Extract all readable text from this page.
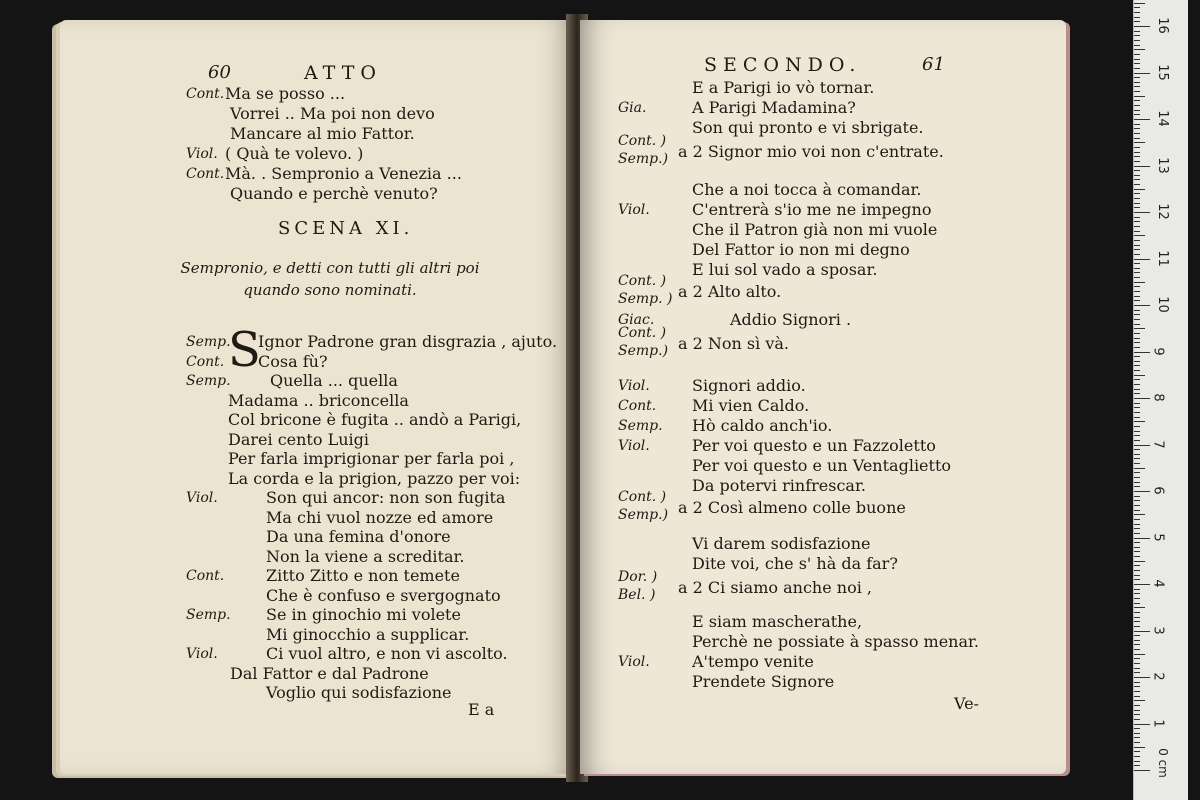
60	ATTO
Cont. Ma se posso ...
Vorrei .. Ma poi non devo
Mancare al mio Fattor.
Viol. ( Quà te volevo. )
Cont. Mà. . Sempronio a Venezia ...
Quando e perchè venuto?
SCENA XI.
Sempronio, e detti con tutti gli altri poi
quando sono nominati.
S
Semp. Ignor Padrone gran disgrazia , ajuto.
Cont. Cosa fù?
Semp. Quella ... quella
Madama .. briconcella
Col bricone è fugita .. andò a Parigi,
Darei cento Luigi
Per farla imprigionar per farla poi ,
La corda e la prigion, pazzo per voi:
Viol.	Son qui ancor: non son fugita
Ma chi vuol nozze ed amore
Da una femina d'onore
Non la viene a screditar.
Cont.	Zitto Zitto e non temete
Che è confuso e svergognato
Semp. Se in ginochio mi volete
Mi ginocchio a supplicar.
Viol.	Ci vuol altro, e non vi ascolto.
Dal Fattor e dal Padrone
Voglio qui sodisfazione
E a
SECONDO.	61
E a Parigi io vò tornar.
Gia.	A Parigi Madamina?
Son qui pronto e vi sbrigate.
Cont. )
Semp.) a 2 Signor mio voi non c'entrate.
Che a noi tocca à comandar.
Viol.	C'entrerà s'io me ne impegno
Che il Patron già non mi vuole
Del Fattor io non mi degno
E lui sol vado a sposar.
Cont. )
Semp. ) a 2 Alto alto.
Giac.	Addio Signori .
Cont. )
Semp.) a 2 Non sì và.
Viol.	Signori addio.
Cont. Mi vien Caldo.
Semp. Hò caldo anch'io.
Viol.	Per voi questo e un Fazzoletto
Per voi questo e un Ventaglietto
Da potervi rinfrescar.
Cont. )
Semp.) a 2 Così almeno colle buone
Vi darem sodisfazione
Dite voi, che s' hà da far?
Dor. )
Bel. ) a 2 Ci siamo anche noi ,
E siam mascherathe,
Perchè ne possiate à spasso menar.
Viol.	A'tempo venite
Prendete Signore
Ve-
1
2
3
4
5
6
7
8
9
10
11
12
13
14
15
16
0 cm
